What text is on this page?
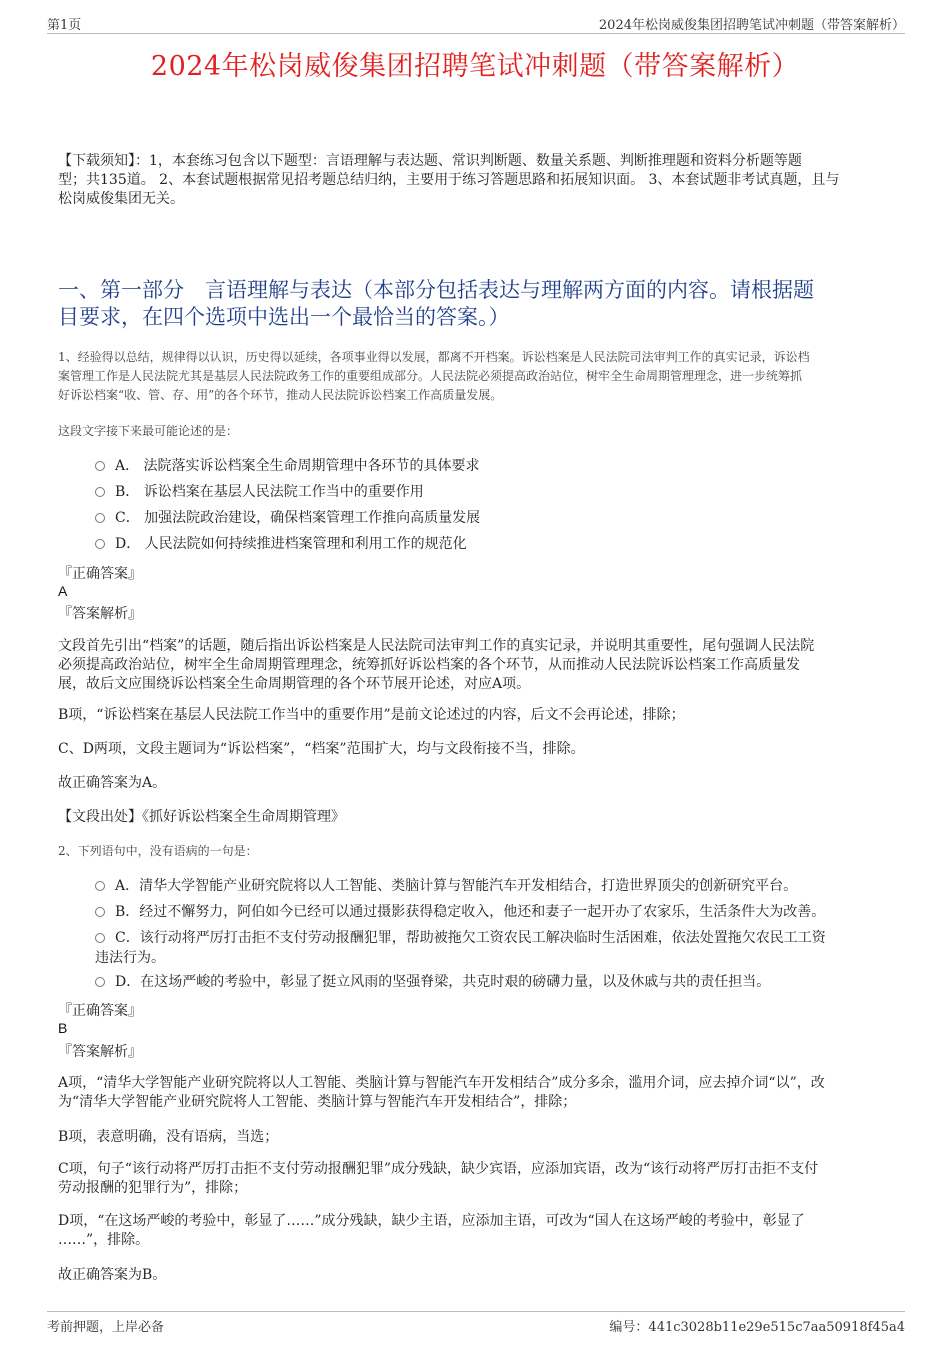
第1页	2024年松岗威俊集团招聘笔试冲刺题（带答案解析）
2024年松岗威俊集团招聘笔试冲刺题（带答案解析）
【下载须知】：1，本套练习包含以下题型：言语理解与表达题、常识判断题、数量关系题、判断推理题和资料分析题等题
型；共135道。 2、本套试题根据常见招考题总结归纳，主要用于练习答题思路和拓展知识面。 3、本套试题非考试真题，且与
松岗威俊集团无关。
一、第一部分　言语理解与表达（本部分包括表达与理解两方面的内容。请根据题
目要求，在四个选项中选出一个最恰当的答案。）
1、经验得以总结，规律得以认识，历史得以延续，各项事业得以发展，都离不开档案。诉讼档案是人民法院司法审判工作的真实记录，诉讼档
案管理工作是人民法院尤其是基层人民法院政务工作的重要组成部分。人民法院必须提高政治站位，树牢全生命周期管理理念，进一步统筹抓
好诉讼档案“收、管、存、用”的各个环节，推动人民法院诉讼档案工作高质量发展。
这段文字接下来最可能论述的是：
A． 法院落实诉讼档案全生命周期管理中各环节的具体要求
B． 诉讼档案在基层人民法院工作当中的重要作用
C． 加强法院政治建设，确保档案管理工作推向高质量发展
D． 人民法院如何持续推进档案管理和利用工作的规范化
『正确答案』
A
『答案解析』
文段首先引出“档案”的话题，随后指出诉讼档案是人民法院司法审判工作的真实记录，并说明其重要性，尾句强调人民法院
必须提高政治站位，树牢全生命周期管理理念，统筹抓好诉讼档案的各个环节，从而推动人民法院诉讼档案工作高质量发
展，故后文应围绕诉讼档案全生命周期管理的各个环节展开论述，对应A项。
B项，“诉讼档案在基层人民法院工作当中的重要作用”是前文论述过的内容，后文不会再论述，排除；
C、D两项，文段主题词为“诉讼档案”，“档案”范围扩大，均与文段衔接不当，排除。
故正确答案为A。
【文段出处】《抓好诉讼档案全生命周期管理》
2、下列语句中，没有语病的一句是：
A．清华大学智能产业研究院将以人工智能、类脑计算与智能汽车开发相结合，打造世界顶尖的创新研究平台。
B．经过不懈努力，阿伯如今已经可以通过摄影获得稳定收入，他还和妻子一起开办了农家乐，生活条件大为改善。
C．该行动将严厉打击拒不支付劳动报酬犯罪，帮助被拖欠工资农民工解决临时生活困难，依法处置拖欠农民工工资
违法行为。
D．在这场严峻的考验中，彰显了挺立风雨的坚强脊梁，共克时艰的磅礴力量，以及休戚与共的责任担当。
『正确答案』
B
『答案解析』
A项，“清华大学智能产业研究院将以人工智能、类脑计算与智能汽车开发相结合”成分多余，滥用介词，应去掉介词“以”，改
为“清华大学智能产业研究院将人工智能、类脑计算与智能汽车开发相结合”，排除；
B项，表意明确，没有语病，当选；
C项，句子“该行动将严厉打击拒不支付劳动报酬犯罪”成分残缺，缺少宾语，应添加宾语，改为“该行动将严厉打击拒不支付
劳动报酬的犯罪行为”，排除；
D项，“在这场严峻的考验中，彰显了……”成分残缺，缺少主语，应添加主语，可改为“国人在这场严峻的考验中，彰显了
……”，排除。
故正确答案为B。
考前押题，上岸必备	编号：441c3028b11e29e515c7aa50918f45a4
